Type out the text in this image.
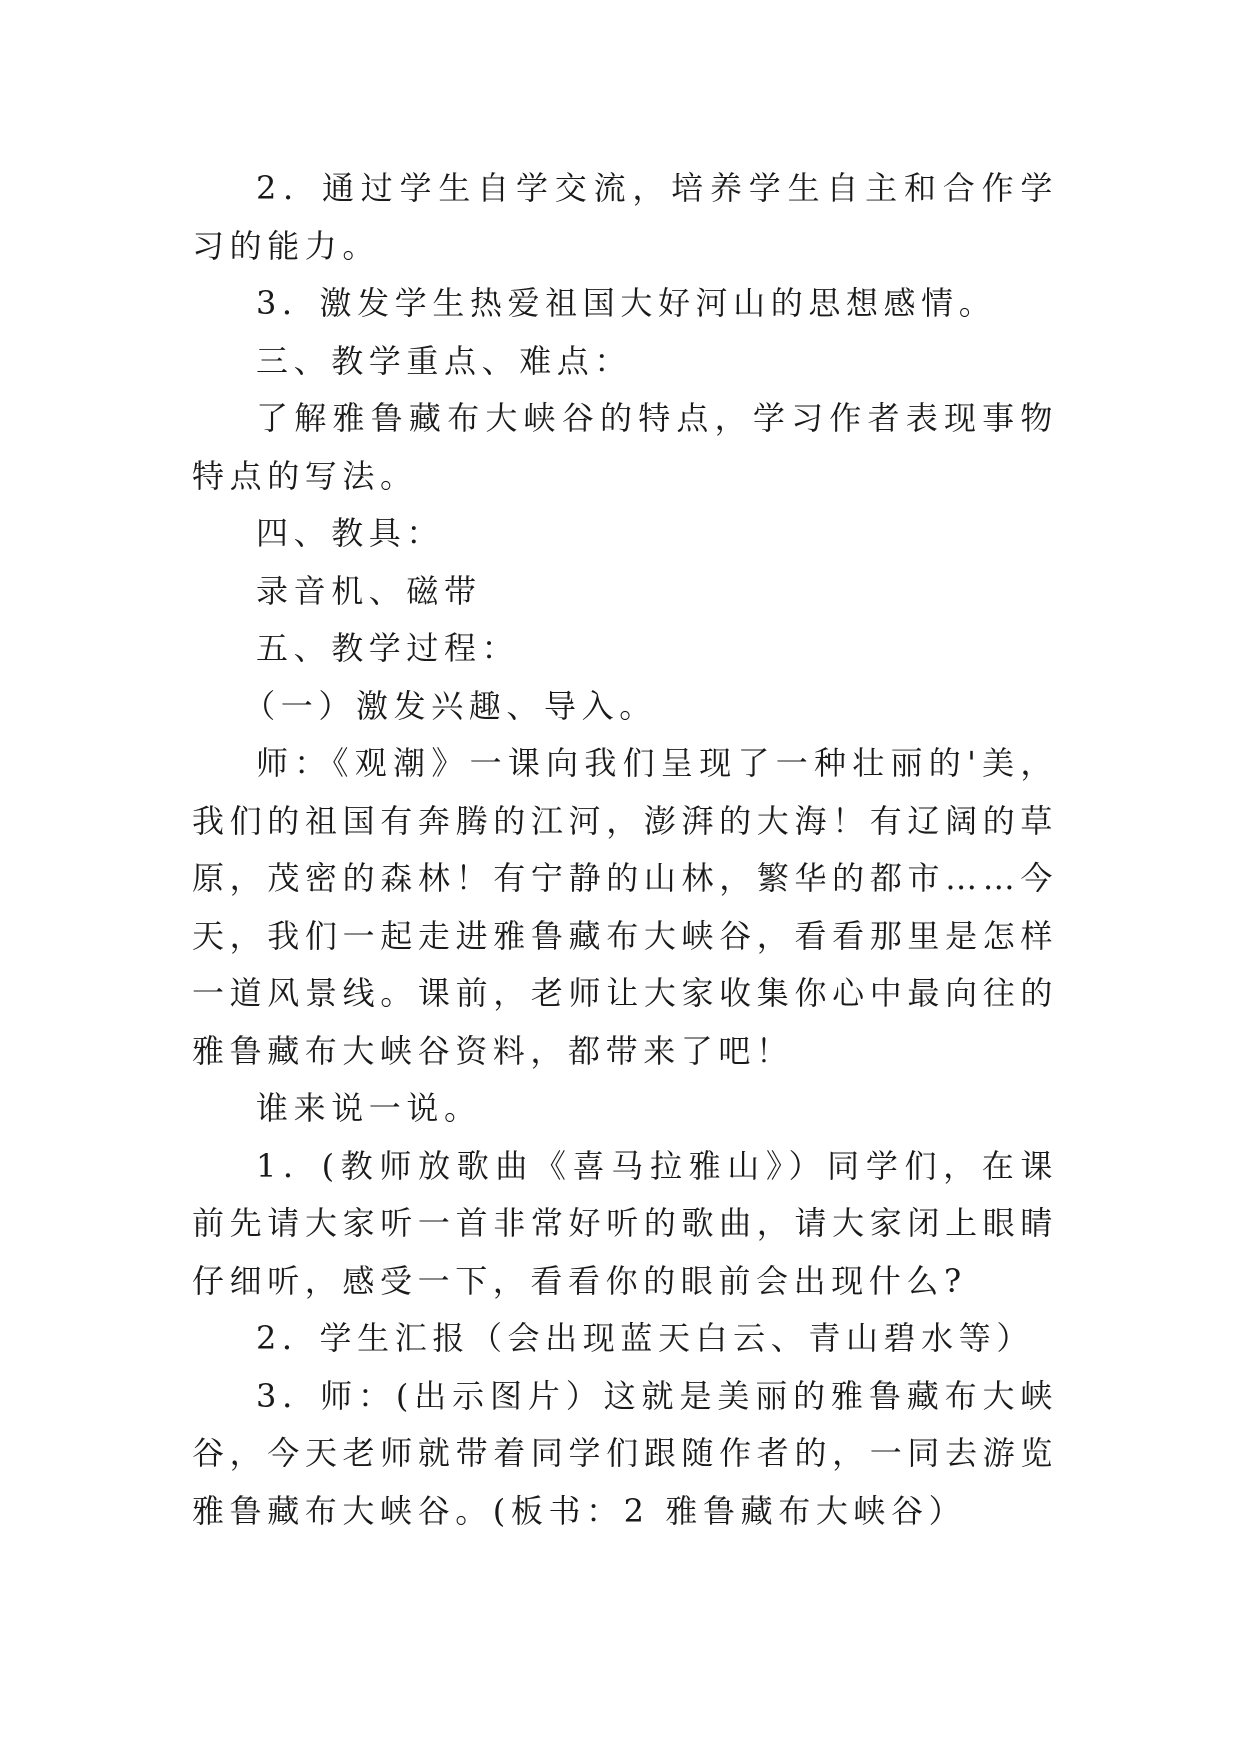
2．通过学生自学交流，培养学生自主和合作学习的能力。

3．激发学生热爱祖国大好河山的思想感情。

三、教学重点、难点：

了解雅鲁藏布大峡谷的特点，学习作者表现事物特点的写法。

四、教具：

录音机、磁带

五、教学过程：

（一）激发兴趣、导入。

师：《观潮》一课向我们呈现了一种壮丽的'美，我们的祖国有奔腾的江河，澎湃的大海！有辽阔的草原，茂密的森林！有宁静的山林，繁华的都市……今天，我们一起走进雅鲁藏布大峡谷，看看那里是怎样一道风景线。课前，老师让大家收集你心中最向往的雅鲁藏布大峡谷资料，都带来了吧！

谁来说一说。

1．(教师放歌曲《喜马拉雅山》）同学们，在课前先请大家听一首非常好听的歌曲，请大家闭上眼睛仔细听，感受一下，看看你的眼前会出现什么?

2．学生汇报（会出现蓝天白云、青山碧水等）

3．师：(出示图片）这就是美丽的雅鲁藏布大峡谷，今天老师就带着同学们跟随作者的，一同去游览雅鲁藏布大峡谷。(板书：2 雅鲁藏布大峡谷）
